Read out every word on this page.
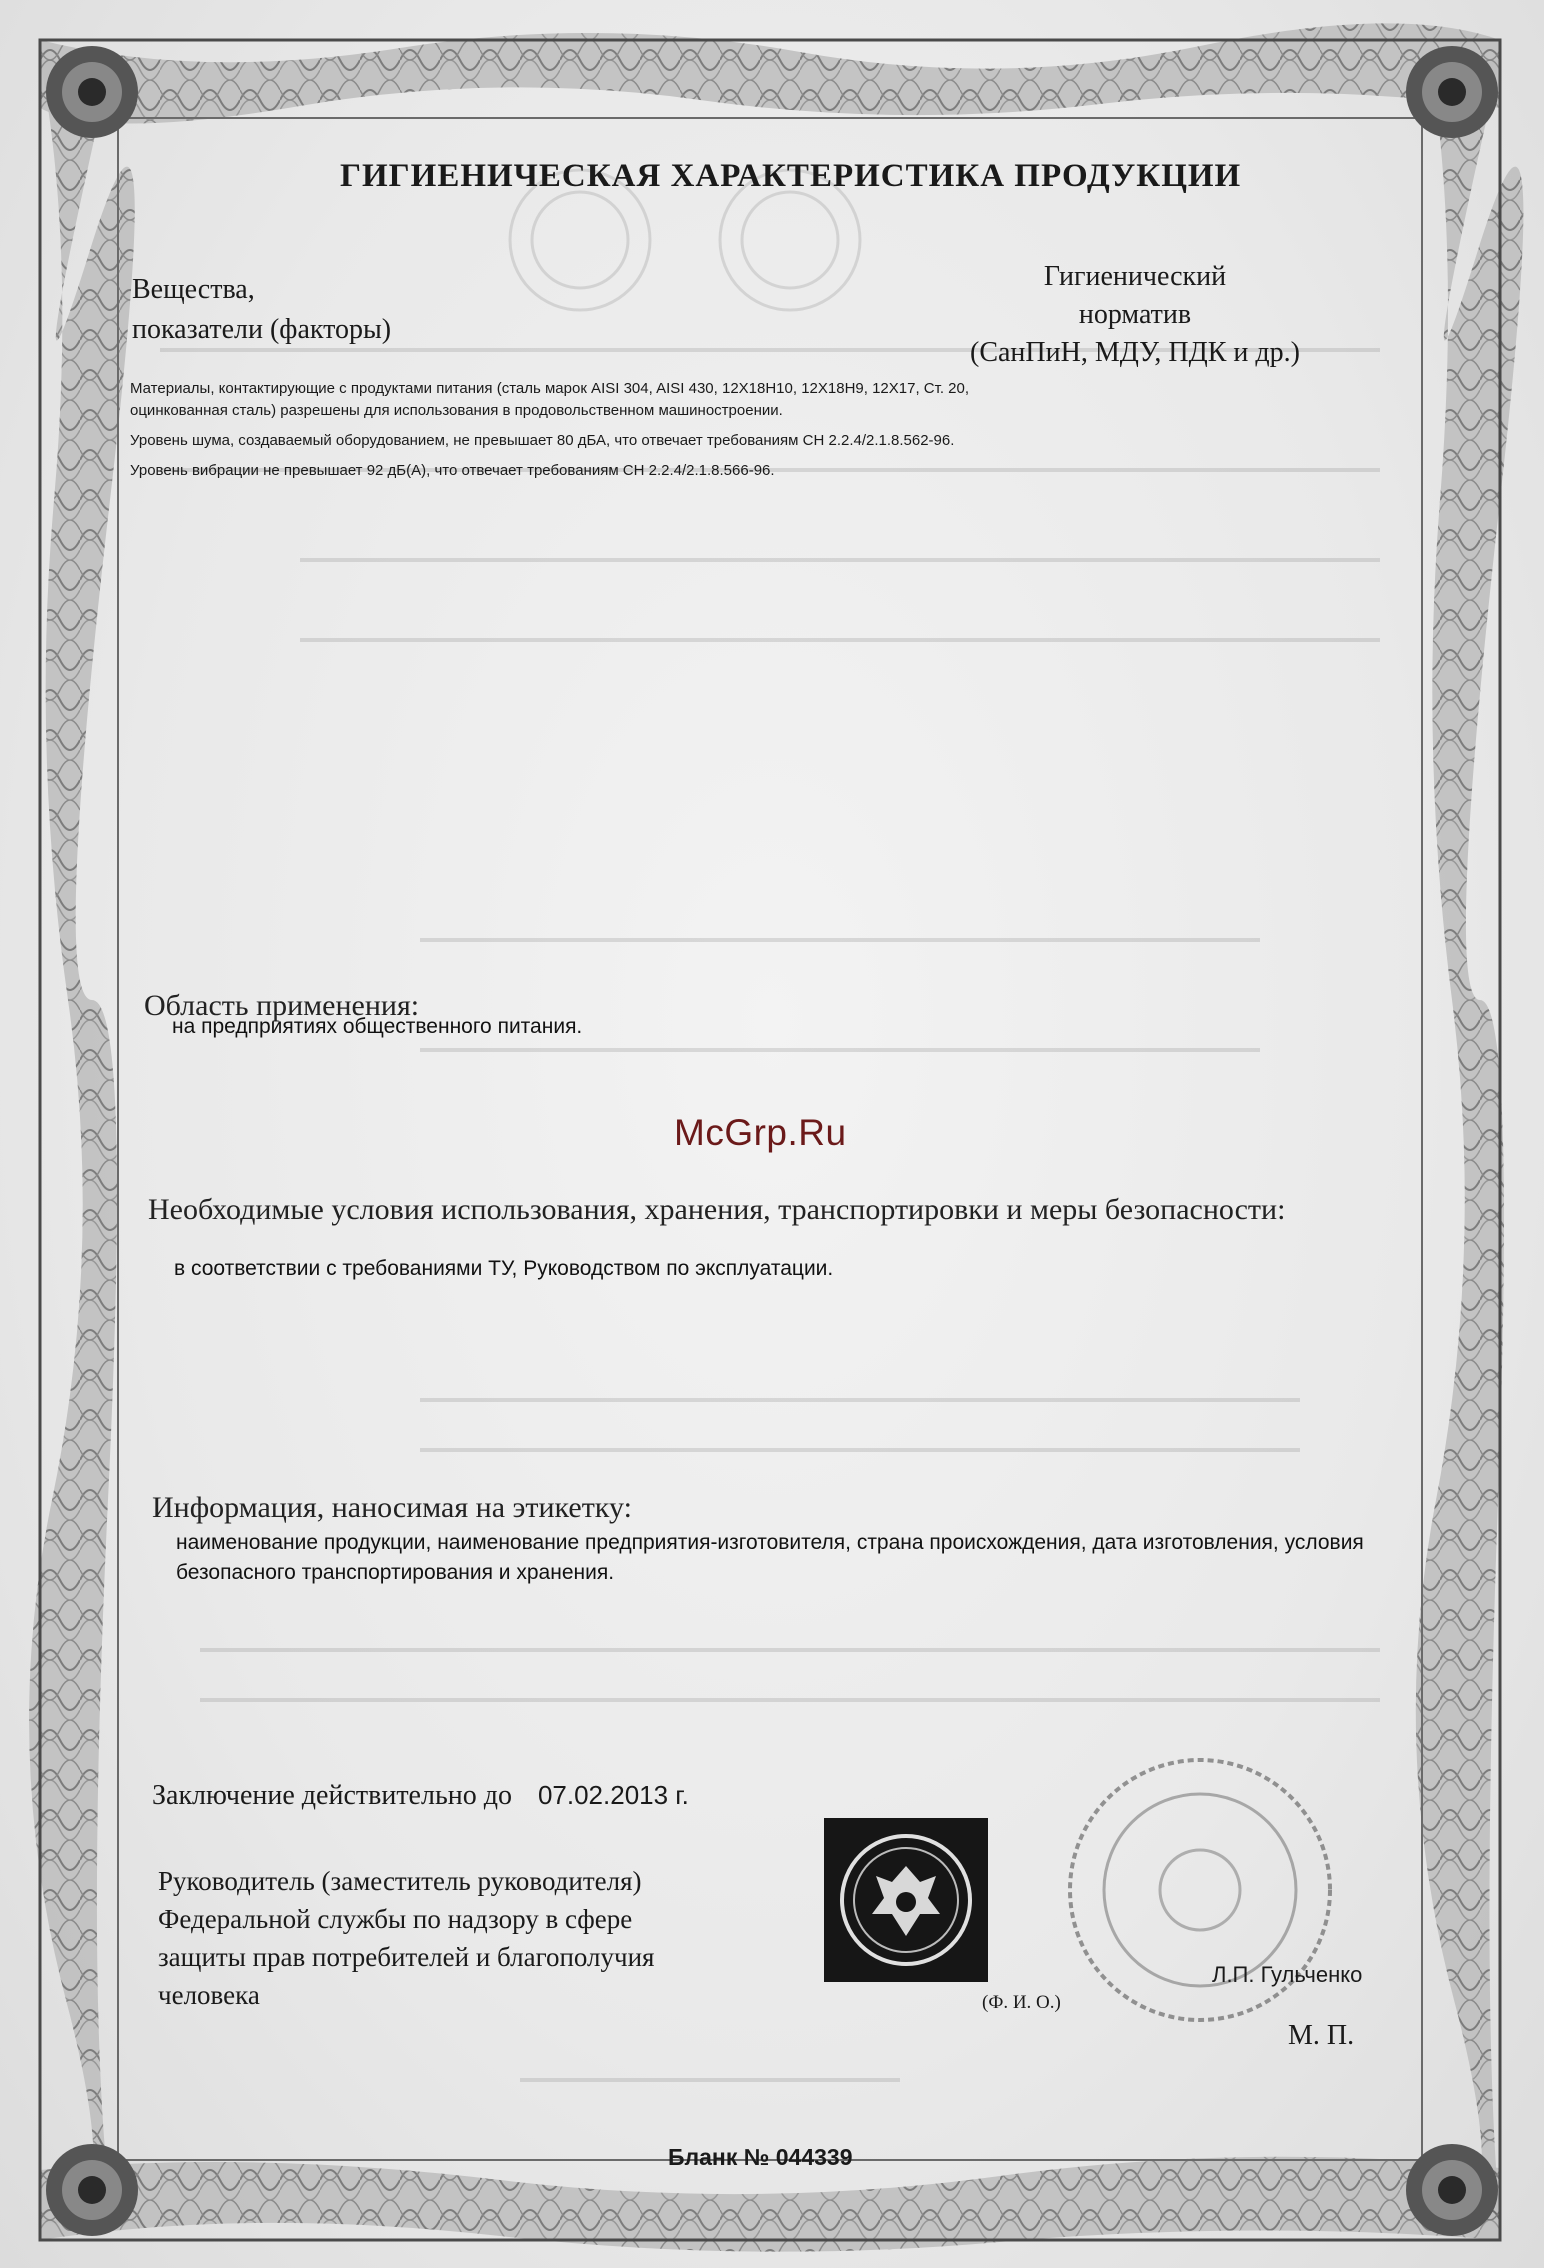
ГИГИЕНИЧЕСКАЯ ХАРАКТЕРИСТИКА ПРОДУКЦИИ
Вещества,
показатели (факторы)
Гигиенический
норматив
(СанПиН, МДУ, ПДК и др.)

Материалы, контактирующие с продуктами питания (сталь марок AISI 304, AISI 430, 12Х18Н10, 12Х18Н9, 12Х17, Ст. 20, оцинкованная сталь) разрешены для использования в продовольственном машиностроении.

Уровень шума, создаваемый оборудованием, не превышает 80 дБА, что отвечает требованиям СН 2.2.4/2.1.8.562-96.

Уровень вибрации не превышает 92 дБ(А), что отвечает требованиям СН 2.2.4/2.1.8.566-96.

Область применения:
на предприятиях общественного питания.
McGrp.Ru
Необходимые условия использования, хранения, транспортировки и меры безопасности:
в соответствии с требованиями ТУ, Руководством по эксплуатации.
Информация, наносимая на этикетку:
наименование продукции, наименование предприятия-изготовителя, страна происхождения, дата изготовления, условия безопасного транспортирования и хранения.
Заключение действительно до 07.02.2013 г.
Руководитель (заместитель руководителя)
Федеральной службы по надзору в сфере
защиты прав потребителей и благополучия
человека
Л.П. Гульченко
(Ф. И. О.)
М. П.
Бланк № 044339
